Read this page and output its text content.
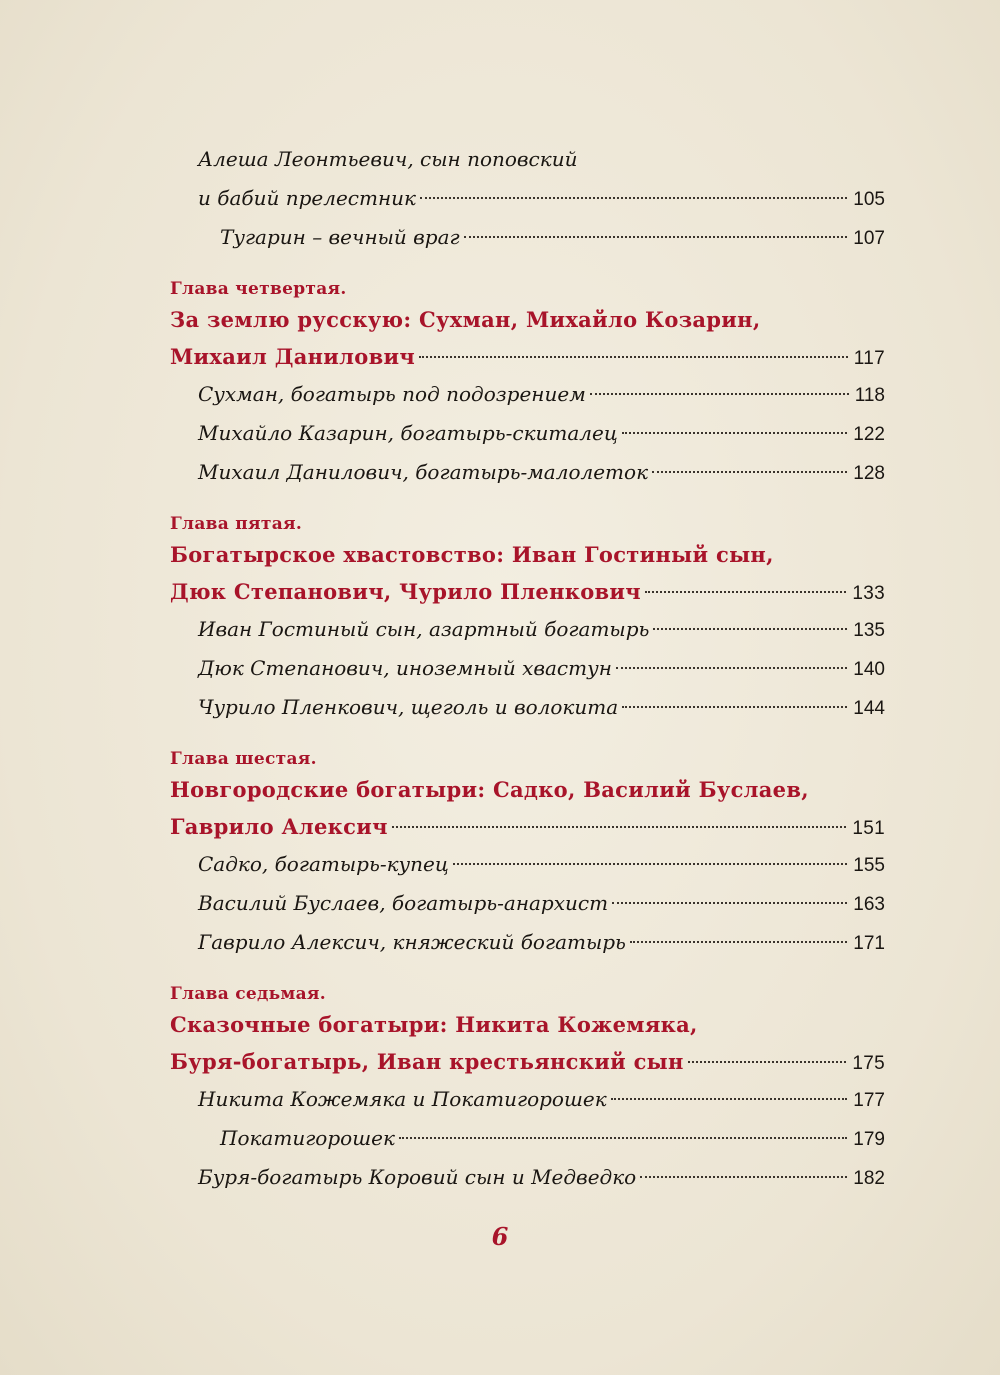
Алеша Леонтьевич, сын поповский
и бабий прелестник	105
Тугарин – вечный враг	107
Глава четвертая.
За землю русскую: Сухман, Михайло Козарин,
Михаил Данилович	117
Сухман, богатырь под подозрением	118
Михайло Казарин, богатырь-скиталец	122
Михаил Данилович, богатырь-малолеток	128
Глава пятая.
Богатырское хвастовство: Иван Гостиный сын,
Дюк Степанович, Чурило Пленкович	133
Иван Гостиный сын, азартный богатырь	135
Дюк Степанович, иноземный хвастун	140
Чурило Пленкович, щеголь и волокита	144
Глава шестая.
Новгородские богатыри: Садко, Василий Буслаев,
Гаврило Алексич	151
Садко, богатырь-купец	155
Василий Буслаев, богатырь-анархист	163
Гаврило Алексич, княжеский богатырь	171
Глава седьмая.
Сказочные богатыри: Никита Кожемяка,
Буря-богатырь, Иван крестьянский сын	175
Никита Кожемяка и Покатигорошек	177
Покатигорошек	179
Буря-богатырь Коровий сын и Медведко	182
6
